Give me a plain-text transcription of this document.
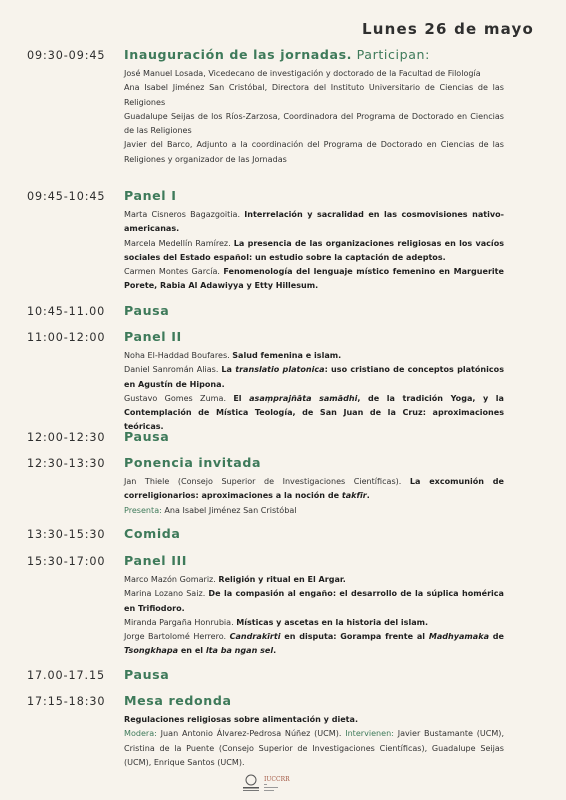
Lunes 26 de mayo
09:30-09:45 Inauguración de las jornadas. Participan:

José Manuel Losada, Vicedecano de investigación y doctorado de la Facultad de Filología

Ana Isabel Jiménez San Cristóbal, Directora del Instituto Universitario de Ciencias de las Religiones

Guadalupe Seijas de los Ríos-Zarzosa, Coordinadora del Programa de Doctorado en Ciencias de las Religiones

Javier del Barco, Adjunto a la coordinación del Programa de Doctorado en Ciencias de las Religiones y organizador de las Jornadas

09:45-10:45 Panel I

Marta Cisneros Bagazgoitia. Interrelación y sacralidad en las cosmovisiones nativo-americanas.

Marcela Medellín Ramírez. La presencia de las organizaciones religiosas en los vacíos sociales del Estado español: un estudio sobre la captación de adeptos.

Carmen Montes García. Fenomenología del lenguaje místico femenino en Marguerite Porete, Rabia Al Adawiyya y Etty Hillesum.

10:45-11.00 Pausa
11:00-12:00 Panel II

Noha El-Haddad Boufares. Salud femenina e islam.

Daniel Sanromán Alias. La translatio platonica: uso cristiano de conceptos platónicos en Agustín de Hipona.

Gustavo Gomes Zuma. El asaṃprajñāta samādhi, de la tradición Yoga, y la Contemplación de Mística Teología, de San Juan de la Cruz: aproximaciones teóricas.

12:00-12:30 Pausa
12:30-13:30 Ponencia invitada

Jan Thiele (Consejo Superior de Investigaciones Científicas). La excomunión de correligionarios: aproximaciones a la noción de takfīr.

Presenta: Ana Isabel Jiménez San Cristóbal

13:30-15:30 Comida
15:30-17:00 Panel III

Marco Mazón Gomariz. Religión y ritual en El Argar.

Marina Lozano Saiz. De la compasión al engaño: el desarrollo de la súplica homérica en Trifiodoro.

Miranda Pargaña Honrubia. Místicas y ascetas en la historia del islam.

Jorge Bartolomé Herrero. Candrakīrti en disputa: Gorampa frente al Madhyamaka de Tsongkhapa en el lta ba ngan sel.

17.00-17.15 Pausa
17:15-18:30 Mesa redonda

Regulaciones religiosas sobre alimentación y dieta.

Modera: Juan Antonio Álvarez-Pedrosa Núñez (UCM). Intervienen: Javier Bustamante (UCM), Cristina de la Puente (Consejo Superior de Investigaciones Científicas), Guadalupe Seijas (UCM), Enrique Santos (UCM).

IUCCRR
